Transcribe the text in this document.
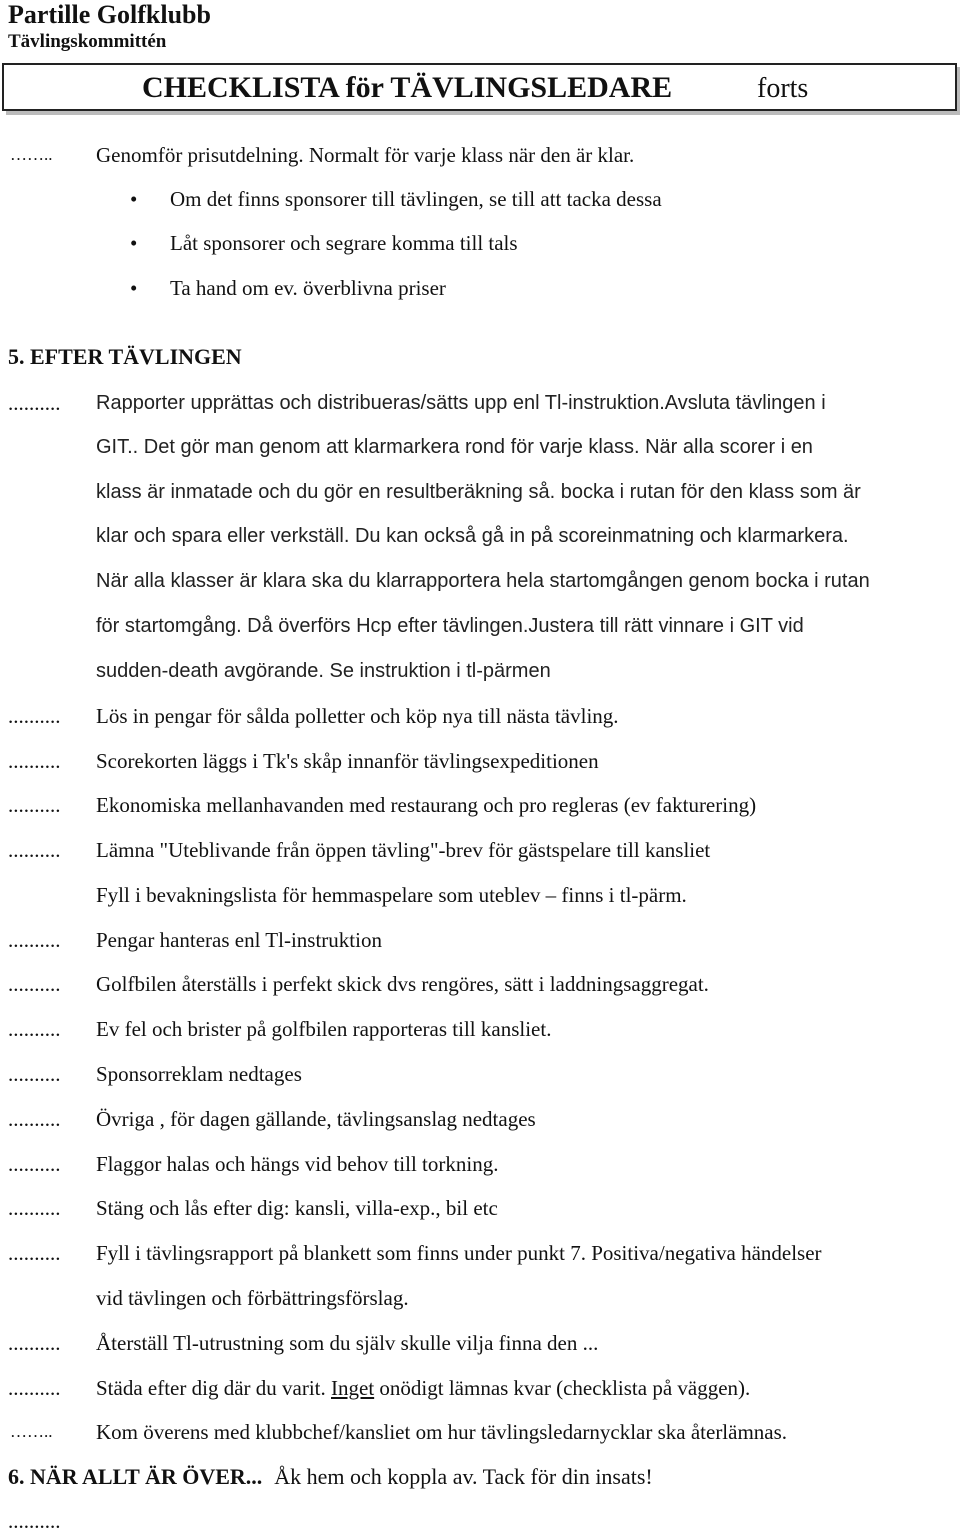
Partille Golfklubb
Tävlingskommittén
CHECKLISTA för TÄVLINGSLEDARE	forts
…….. Genomför prisutdelning. Normalt för varje klass när den är klar.
• Om det finns sponsorer till tävlingen, se till att tacka dessa
• Låt sponsorer och segrare komma till tals
• Ta hand om ev. överblivna priser
5. EFTER TÄVLINGEN
.......... Rapporter upprättas och distribueras/sätts upp enl Tl-instruktion.Avsluta tävlingen i
GIT.. Det gör man genom att klarmarkera rond för varje klass. När alla scorer i en
klass är inmatade och du gör en resultberäkning så. bocka i rutan för den klass som är
klar och spara eller verkställ. Du kan också gå in på scoreinmatning och klarmarkera.
När alla klasser är klara ska du klarrapportera hela startomgången genom bocka i rutan
för startomgång. Då överförs Hcp efter tävlingen.Justera till rätt vinnare i GIT vid
sudden-death avgörande. Se instruktion i tl-pärmen
.......... Lös in pengar för sålda polletter och köp nya till nästa tävling.
.......... Scorekorten läggs i Tk's skåp innanför tävlingsexpeditionen
.......... Ekonomiska mellanhavanden med restaurang och pro regleras (ev fakturering)
.......... Lämna "Uteblivande från öppen tävling"-brev för gästspelare till kansliet
Fyll i bevakningslista för hemmaspelare som uteblev – finns i tl-pärm.
.......... Pengar hanteras enl Tl-instruktion
.......... Golfbilen återställs i perfekt skick dvs rengöres, sätt i laddningsaggregat.
.......... Ev fel och brister på golfbilen rapporteras till kansliet.
.......... Sponsorreklam nedtages
.......... Övriga , för dagen gällande, tävlingsanslag nedtages
.......... Flaggor halas och hängs vid behov till torkning.
.......... Stäng och lås efter dig: kansli, villa-exp., bil etc
.......... Fyll i tävlingsrapport på blankett som finns under punkt 7. Positiva/negativa händelser
vid tävlingen och förbättringsförslag.
.......... Återställ Tl-utrustning som du själv skulle vilja finna den ...
.......... Städa efter dig där du varit. Inget onödigt lämnas kvar (checklista på väggen).
…….. Kom överens med klubbchef/kansliet om hur tävlingsledarnycklar ska återlämnas.
6. NÄR ALLT ÄR ÖVER... Åk hem och koppla av. Tack för din insats!
..........
